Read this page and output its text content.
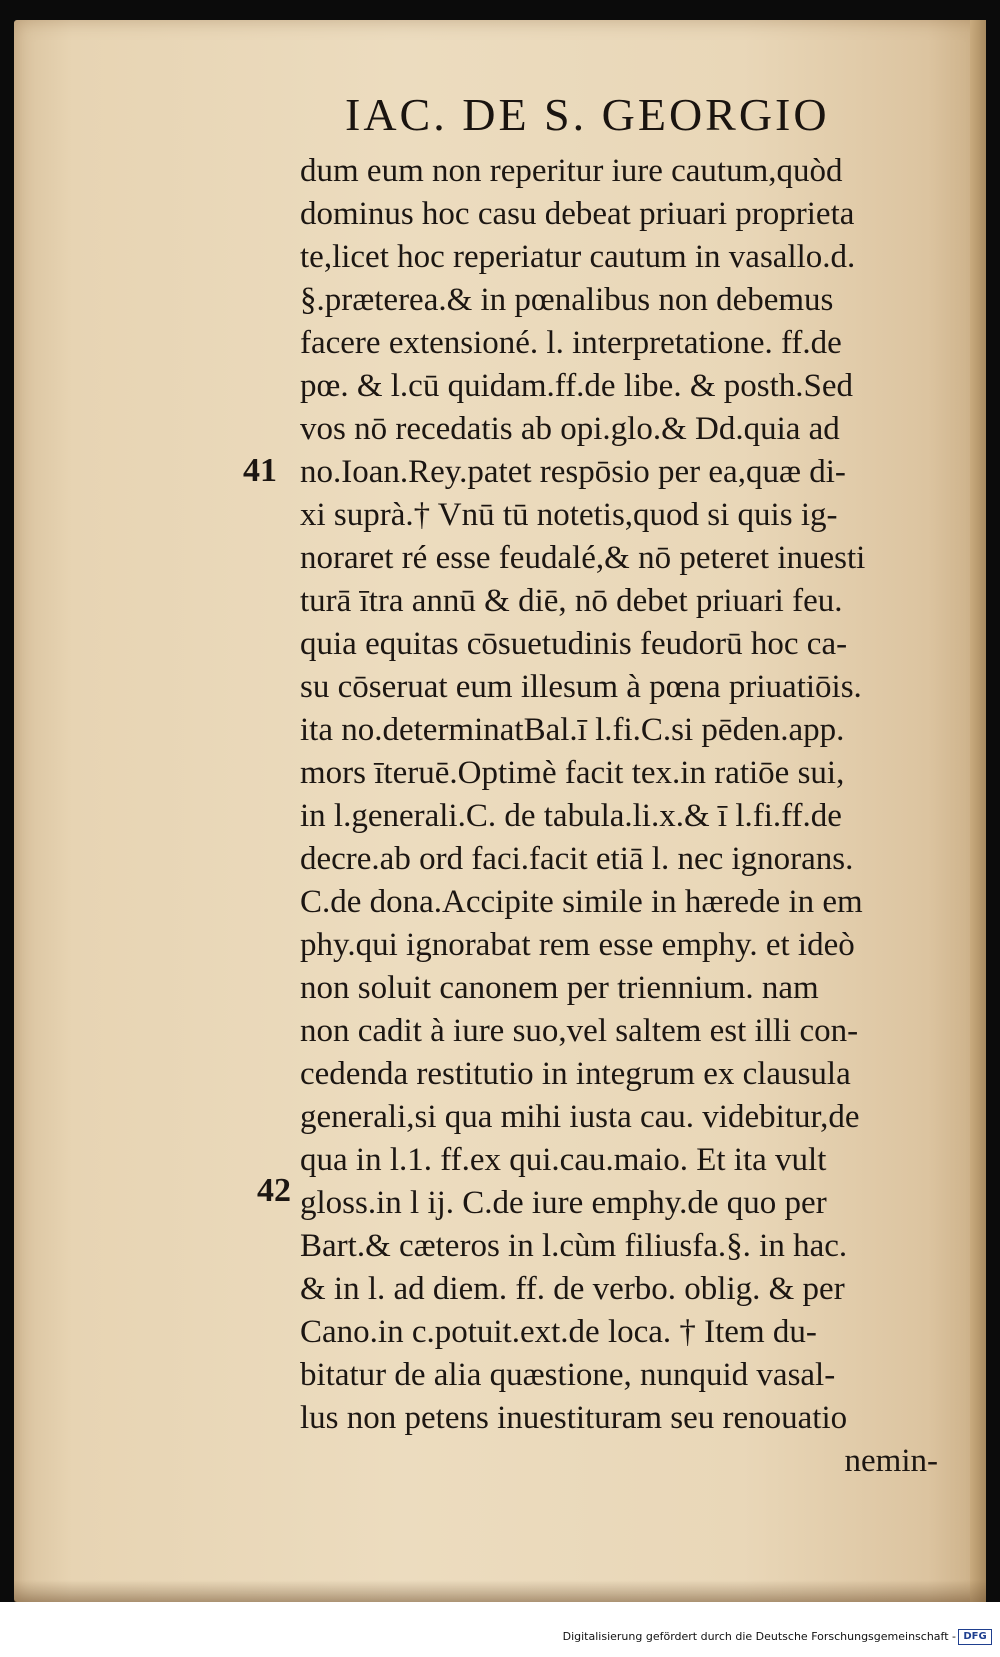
IAC. DE S. GEORGIO
41
42
dum eum non reperitur iure cautum,quòd
dominus hoc casu debeat priuari proprieta
te,licet hoc reperiatur cautum in vasallo.d.
§.præterea.& in pœnalibus non debemus
facere extensioné. l. interpretatione. ff.de
pœ. & l.cū quidam.ff.de libe. & posth.Sed
vos nō recedatis ab opi.glo.& Dd.quia ad
no.Ioan.Rey.patet respōsio per ea,quæ di-
xi suprà.† Vnū tū notetis,quod si quis ig-
noraret ré esse feudalé,& nō peteret inuesti
turā ītra annū & diē, nō debet priuari feu.
quia equitas cōsuetudinis feudorū hoc ca-
su cōseruat eum illesum à pœna priuatiōis.
ita no.determinatBal.ī l.fi.C.si pēden.app.
mors īteruē.Optimè facit tex.in ratiōe sui,
in l.generali.C. de tabula.li.x.& ī l.fi.ff.de
decre.ab ord faci.facit etiā l. nec ignorans.
C.de dona.Accipite simile in hærede in em
phy.qui ignorabat rem esse emphy. et ideò
non soluit canonem per triennium. nam
non cadit à iure suo,vel saltem est illi con-
cedenda restitutio in integrum ex clausula
generali,si qua mihi iusta cau. videbitur,de
qua in l.1. ff.ex qui.cau.maio. Et ita vult
gloss.in l ij. C.de iure emphy.de quo per
Bart.& cæteros in l.cùm filiusfa.§. in hac.
& in l. ad diem. ff. de verbo. oblig. & per
Cano.in c.potuit.ext.de loca. † Item du-
bitatur de alia quæstione, nunquid vasal-
lus non petens inuestituram seu renouatio
nemin-
Digitalisierung gefördert durch die Deutsche Forschungsgemeinschaft - DFG
